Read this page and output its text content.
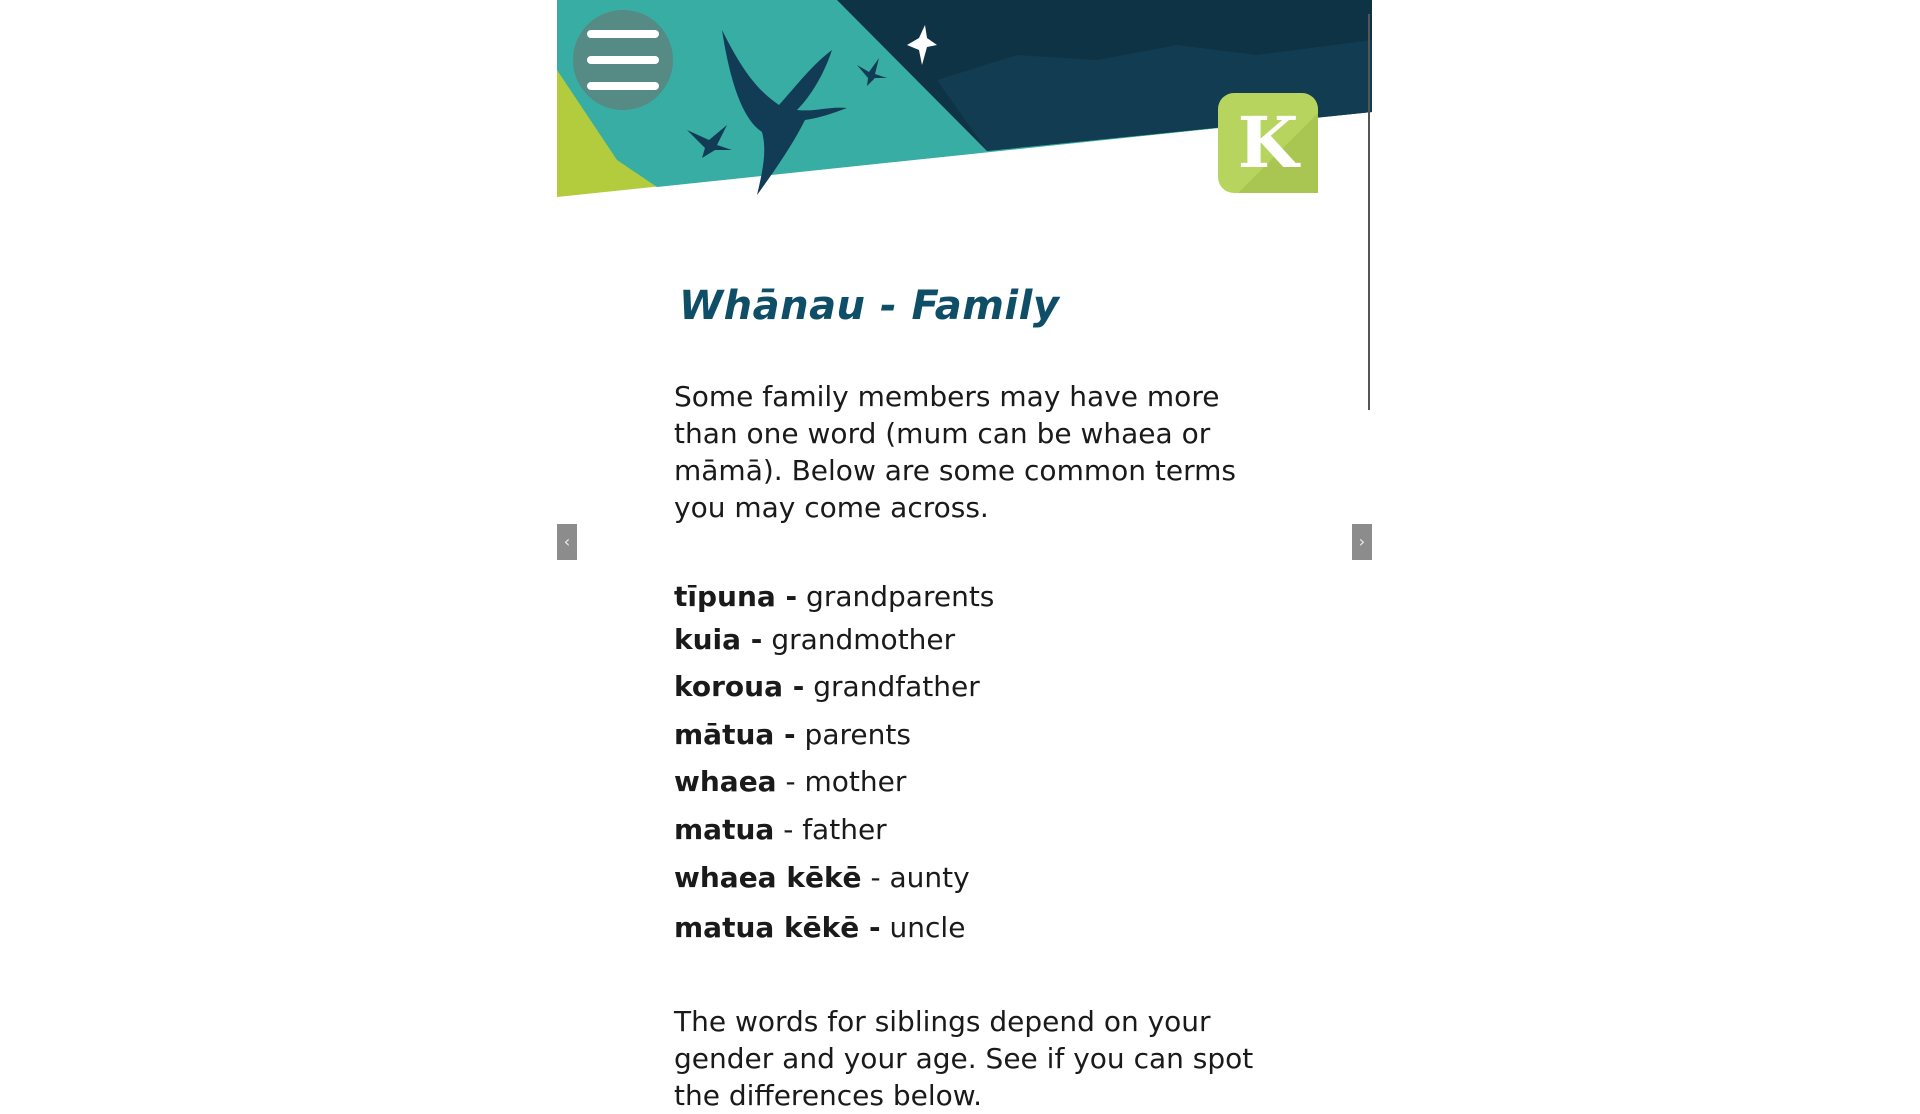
K
‹	›
Whānau - Family

Some family members may have more than one word (mum can be whaea or māmā). Below are some common terms you may come across.

tīpuna - grandparents
kuia - grandmother
koroua - grandfather
mātua - parents
whaea - mother
matua - father
whaea kēkē - aunty
matua kēkē - uncle

The words for siblings depend on your gender and your age. See if you can spot the differences below.
